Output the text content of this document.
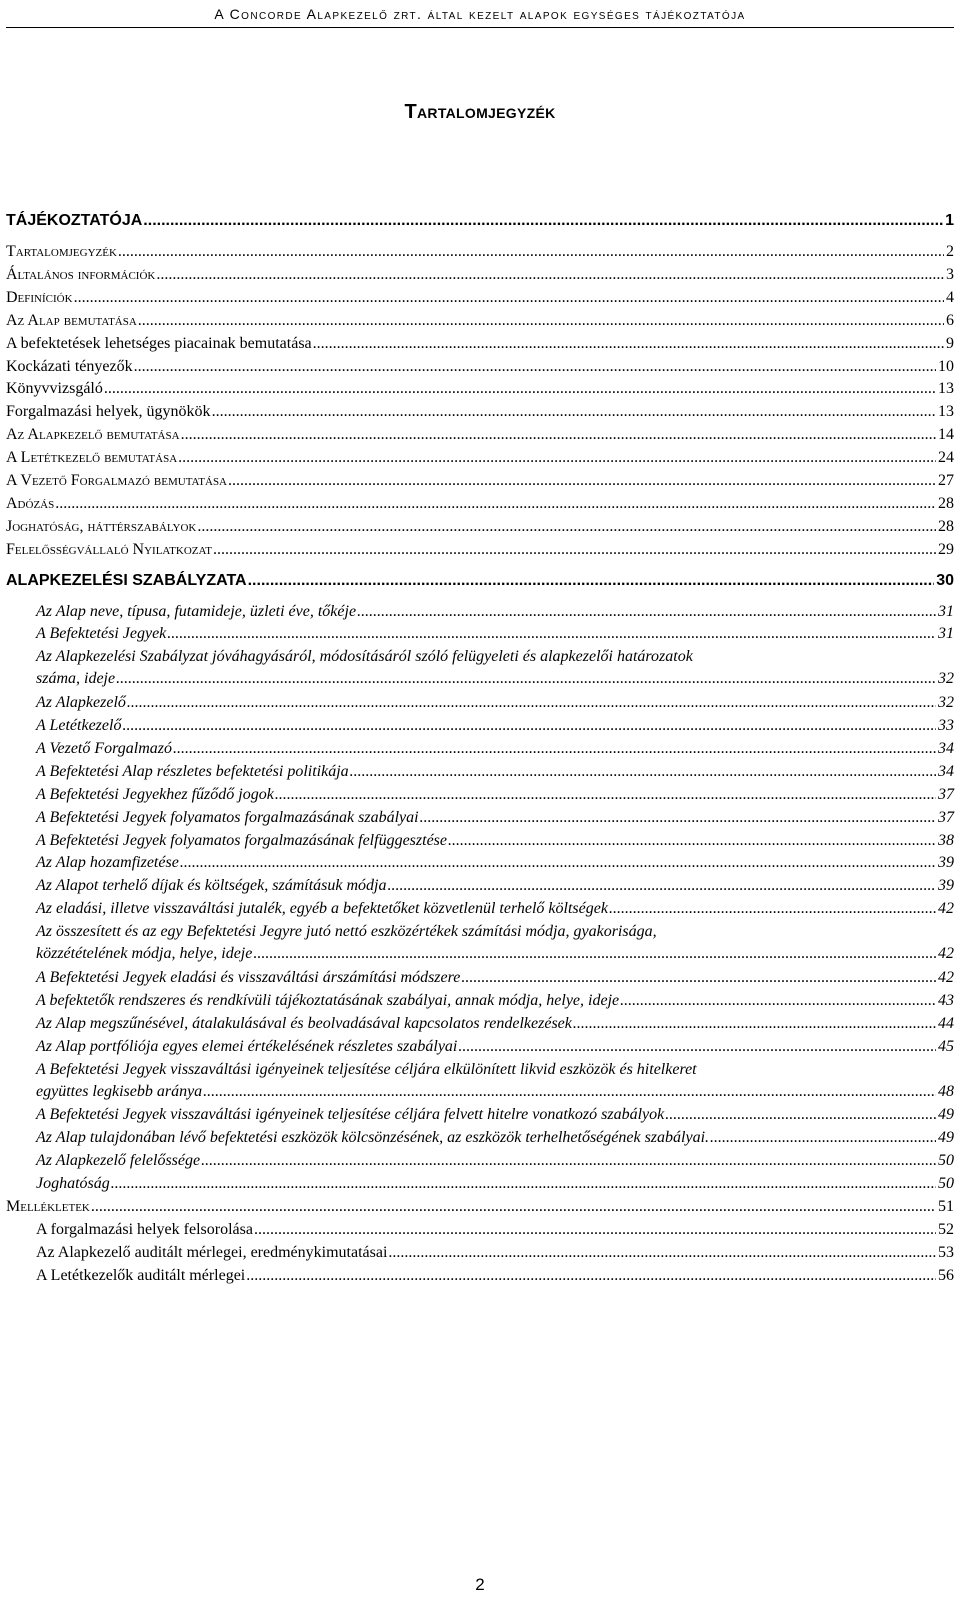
A Concorde Alapkezelő zrt. által kezelt alapok egységes tájékoztatója
Tartalomjegyzék
TÁJÉKOZTATÓJA .....	1
Tartalomjegyzék .....	2
Általános információk .....	3
Definíciók .....	4
Az Alap bemutatása .....	6
A befektetések lehetséges piacainak bemutatása .....	9
Kockázati tényezők .....	10
Könyvvizsgáló .....	13
Forgalmazási helyek, ügynökök .....	13
Az Alapkezelő bemutatása .....	14
A Letétkezelő bemutatása .....	24
A Vezető Forgalmazó bemutatása .....	27
Adózás .....	28
Joghatóság, háttérszabályok .....	28
Felelősségvállaló Nyilatkozat .....	29
ALAPKEZELÉSI SZABÁLYZATA .....	30
Az Alap neve, típusa, futamideje, üzleti éve, tőkéje .....	31
A Befektetési Jegyek .....	31
Az Alapkezelési Szabályzat jóváhagyásáról, módosításáról szóló felügyeleti és alapkezelői határozatok
száma, ideje .....	32
Az Alapkezelő .....	32
A Letétkezelő .....	33
A Vezető Forgalmazó .....	34
A Befektetési Alap részletes befektetési politikája .....	34
A Befektetési Jegyekhez fűződő jogok .....	37
A Befektetési Jegyek folyamatos forgalmazásának szabályai .....	37
A Befektetési Jegyek folyamatos forgalmazásának felfüggesztése .....	38
Az Alap hozamfizetése .....	39
Az Alapot terhelő díjak és költségek, számításuk módja .....	39
Az eladási, illetve visszaváltási jutalék, egyéb a befektetőket közvetlenül terhelő költségek .....	42
Az összesített és az egy Befektetési Jegyre jutó nettó eszközértékek számítási módja, gyakorisága,
közzétételének módja, helye, ideje .....	42
A Befektetési Jegyek eladási és visszaváltási árszámítási módszere .....	42
A befektetők rendszeres és rendkívüli tájékoztatásának szabályai, annak módja, helye, ideje .....	43
Az Alap megszűnésével, átalakulásával és beolvadásával kapcsolatos rendelkezések .....	44
Az Alap portfóliója egyes elemei értékelésének részletes szabályai .....	45
A Befektetési Jegyek visszaváltási igényeinek teljesítése céljára elkülönített likvid eszközök és hitelkeret
együttes legkisebb aránya .....	48
A Befektetési Jegyek visszaváltási igényeinek teljesítése céljára felvett hitelre vonatkozó szabályok .....	49
Az Alap tulajdonában lévő befektetési eszközök kölcsönzésének, az eszközök terhelhetőségének szabályai. .....	49
Az Alapkezelő felelőssége .....	50
Joghatóság .....	50
Mellékletek .....	51
A forgalmazási helyek felsorolása .....	52
Az Alapkezelő auditált mérlegei, eredménykimutatásai .....	53
A Letétkezelők auditált mérlegei .....	56
2
